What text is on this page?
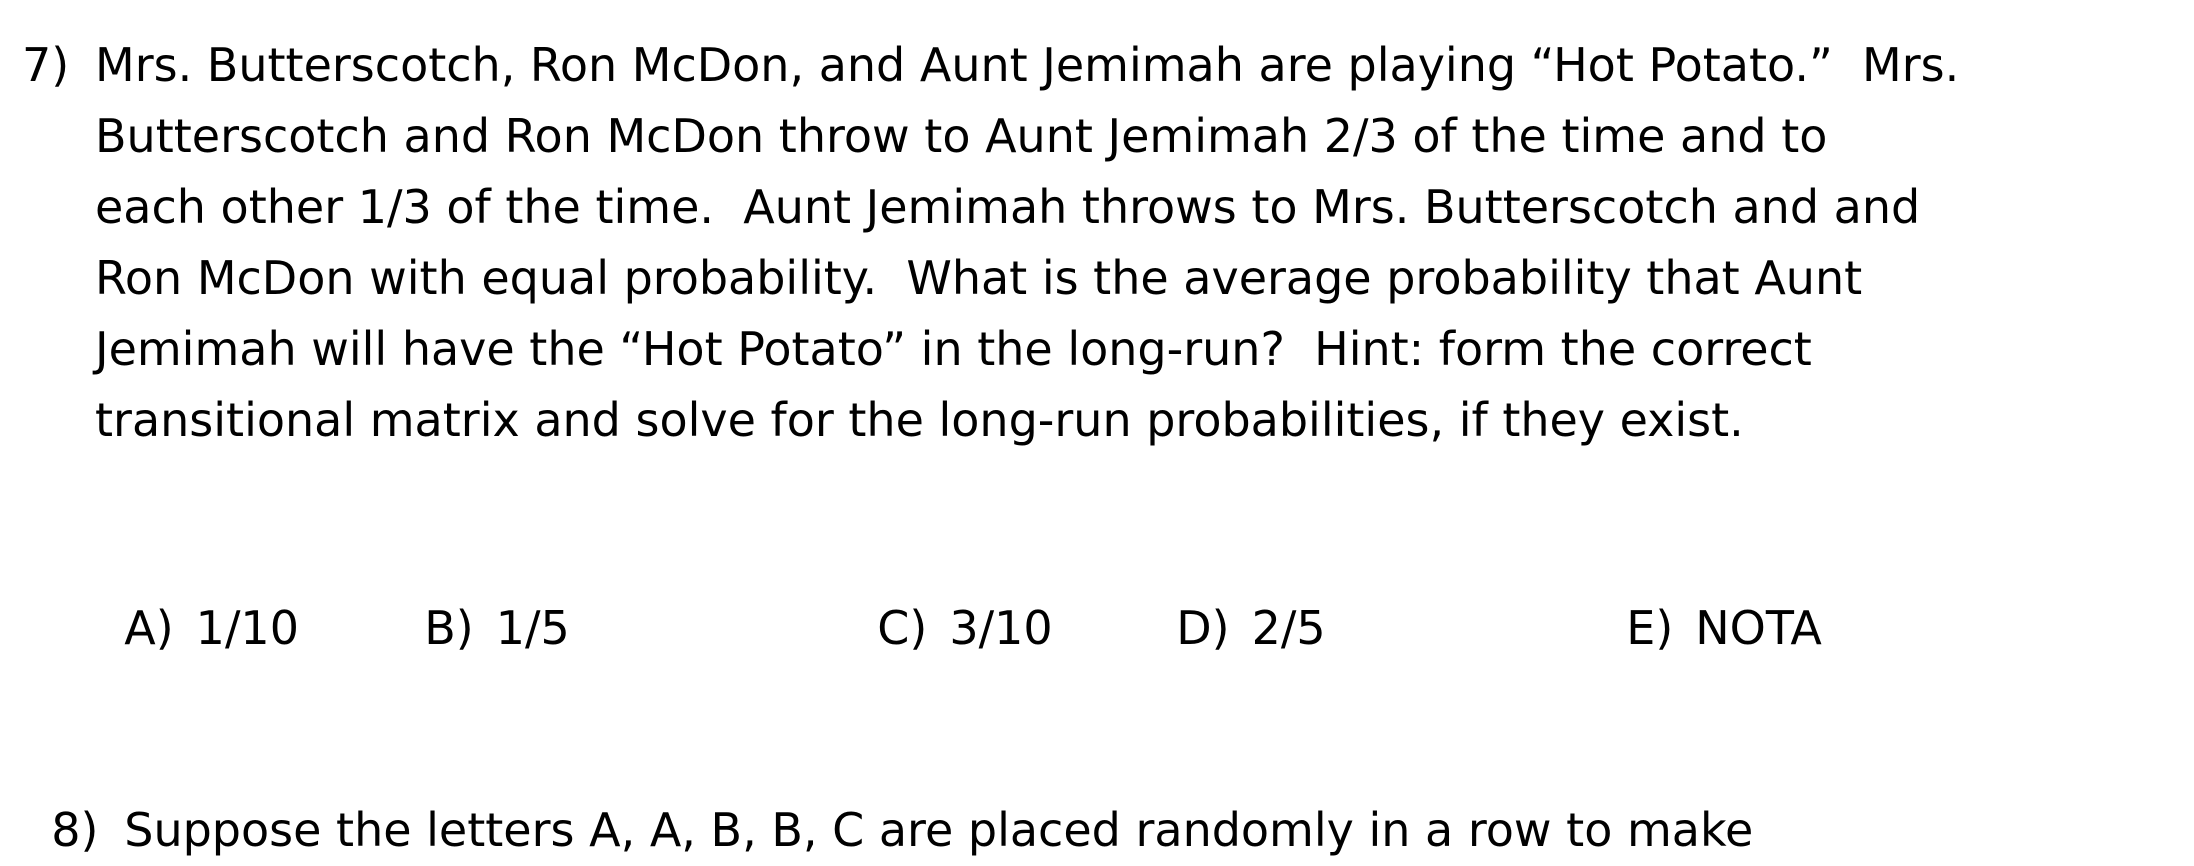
7) Mrs. Butterscotch, Ron McDon, and Aunt Jemimah are playing “Hot Potato.”  Mrs.
Butterscotch and Ron McDon throw to Aunt Jemimah 2/3 of the time and to
each other 1/3 of the time.  Aunt Jemimah throws to Mrs. Butterscotch and and
Ron McDon with equal probability.  What is the average probability that Aunt
Jemimah will have the “Hot Potato” in the long-run?  Hint: form the correct
transitional matrix and solve for the long-run probabilities, if they exist.

A) 1/10	B) 1/5	C) 3/10	D) 2/5	E) NOTA

8) Suppose the letters A, A, B, B, C are placed randomly in a row to make
